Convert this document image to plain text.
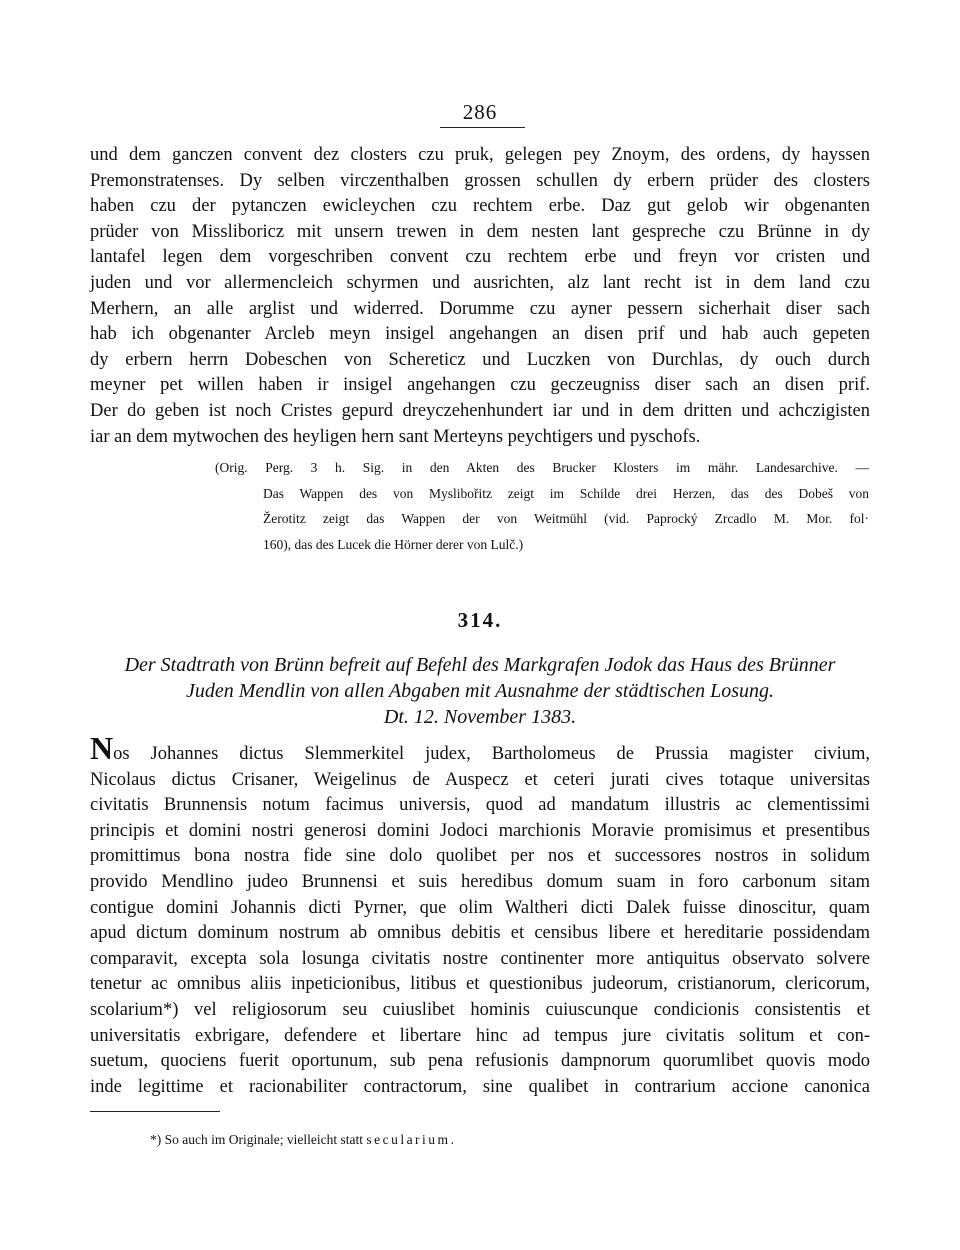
286
und dem ganczen convent dez closters czu pruk, gelegen pey Znoym, des ordens, dy hayssen
Premonstratenses. Dy selben virczenthalben grossen schullen dy erbern prüder des closters
haben czu der pytanczen ewicleychen czu rechtem erbe. Daz gut gelob wir obgenanten
prüder von Missliboricz mit unsern trewen in dem nesten lant gespreche czu Brünne in dy
lantafel legen dem vorgeschriben convent czu rechtem erbe und freyn vor cristen und
juden und vor allermencleich schyrmen und ausrichten, alz lant recht ist in dem land czu
Merhern, an alle arglist und widerred. Dorumme czu ayner pessern sicherhait diser sach
hab ich obgenanter Arcleb meyn insigel angehangen an disen prif und hab auch gepeten
dy erbern herrn Dobeschen von Schereticz und Luczken von Durchlas, dy ouch durch
meyner pet willen haben ir insigel angehangen czu geczeugniss diser sach an disen prif.
Der do geben ist noch Cristes gepurd dreyczehenhundert iar und in dem dritten und achczigisten
iar an dem mytwochen des heyligen hern sant Merteyns peychtigers und pyschofs.
(Orig. Perg. 3 h. Sig. in den Akten des Brucker Klosters im mähr. Landesarchive. —
Das Wappen des von Myslibořitz zeigt im Schilde drei Herzen, das des Dobeš von
Žerotitz zeigt das Wappen der von Weitmühl (vid. Paprocký Zrcadlo M. Mor. fol·
160), das des Lucek die Hörner derer von Lulč.)
314.
Der Stadtrath von Brünn befreit auf Befehl des Markgrafen Jodok das Haus des Brünner
Juden Mendlin von allen Abgaben mit Ausnahme der städtischen Losung.
Dt. 12. November 1383.
Nos Johannes dictus Slemmerkitel judex, Bartholomeus de Prussia magister civium,
Nicolaus dictus Crisaner, Weigelinus de Auspecz et ceteri jurati cives totaque universitas
civitatis Brunnensis notum facimus universis, quod ad mandatum illustris ac clementissimi
principis et domini nostri generosi domini Jodoci marchionis Moravie promisimus et presentibus
promittimus bona nostra fide sine dolo quolibet per nos et successores nostros in solidum
provido Mendlino judeo Brunnensi et suis heredibus domum suam in foro carbonum sitam
contigue domini Johannis dicti Pyrner, que olim Waltheri dicti Dalek fuisse dinoscitur, quam
apud dictum dominum nostrum ab omnibus debitis et censibus libere et hereditarie possidendam
comparavit, excepta sola losunga civitatis nostre continenter more antiquitus observato solvere
tenetur ac omnibus aliis inpeticionibus, litibus et questionibus judeorum, cristianorum, clericorum,
scolarium*) vel religiosorum seu cuiuslibet hominis cuiuscunque condicionis consistentis et
universitatis exbrigare, defendere et libertare hinc ad tempus jure civitatis solitum et con-
suetum, quociens fuerit oportunum, sub pena refusionis dampnorum quorumlibet quovis modo
inde legittime et racionabiliter contractorum, sine qualibet in contrarium accione canonica
*) So auch im Originale; vielleicht statt secularium.
